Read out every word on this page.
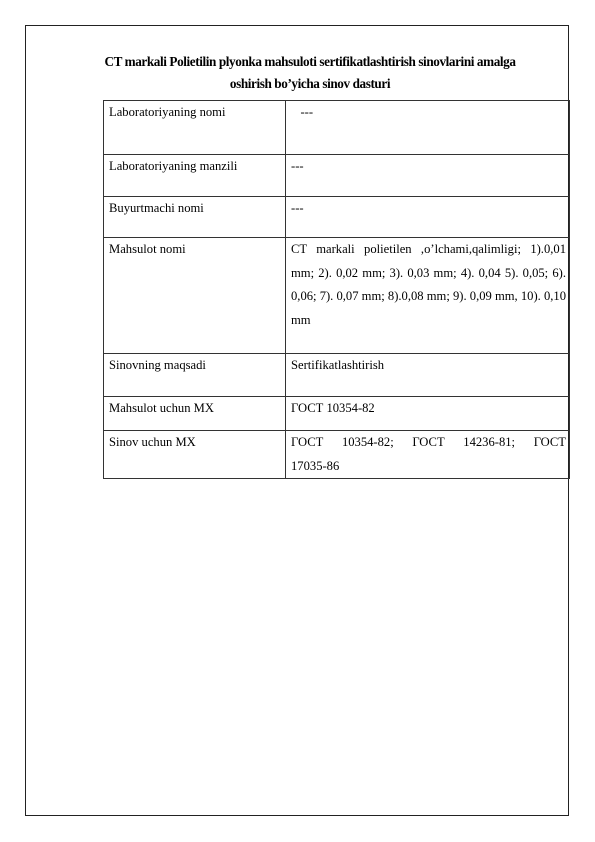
CT markali Polietilin plyonka mahsuloti sertifikatlashtirish sinovlarini amalga
oshirish bo’yicha sinov dasturi
Laboratoriyaning nomi	---
Laboratoriyaning manzili	---
Buyurtmachi nomi	---
Mahsulot nomi	CT markali polietilen ,o’lchami,qalimligi; 1).0,01 mm; 2). 0,02 mm; 3). 0,03 mm; 4). 0,04 5). 0,05; 6). 0,06; 7). 0,07 mm; 8).0,08 mm; 9). 0,09 mm, 10). 0,10 mm
Sinovning maqsadi	Sertifikatlashtirish
Mahsulot uchun MX	ГОСТ 10354-82
Sinov uchun MX	ГОСТ 10354-82; ГОСТ 14236-81; ГОСТ 17035-86
